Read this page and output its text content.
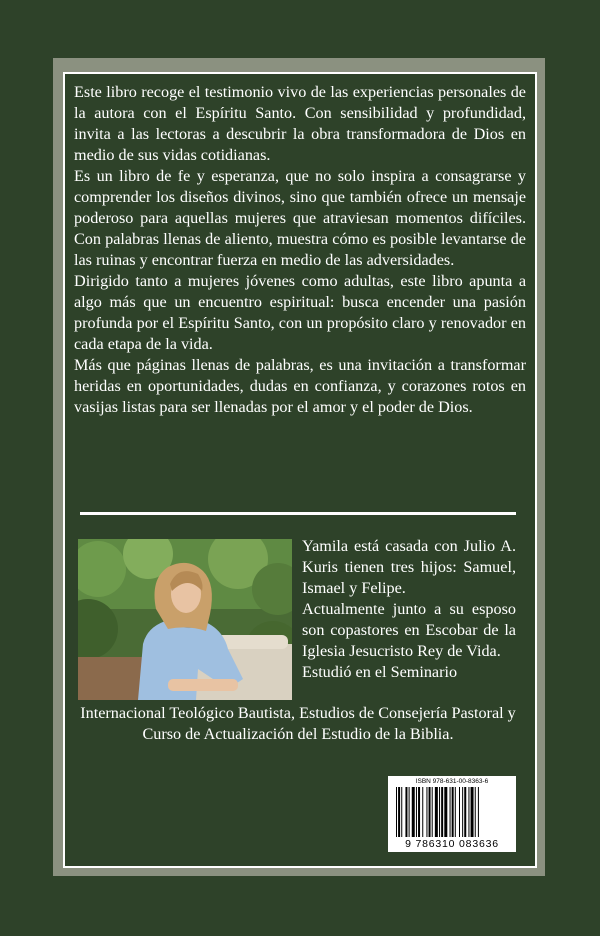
Este libro recoge el testimonio vivo de las experiencias personales de la autora con el Espíritu Santo. Con sensibilidad y profundidad, invita a las lectoras a descubrir la obra transformadora de Dios en medio de sus vidas cotidianas.

Es un libro de fe y esperanza, que no solo inspira a consagrarse y comprender los diseños divinos, sino que también ofrece un mensaje poderoso para aquellas mujeres que atraviesan momentos difíciles. Con palabras llenas de aliento, muestra cómo es posible levantarse de las ruinas y encontrar fuerza en medio de las adversidades.

Dirigido tanto a mujeres jóvenes como adultas, este libro apunta a algo más que un encuentro espiritual: busca encender una pasión profunda por el Espíritu Santo, con un propósito claro y renovador en cada etapa de la vida.

Más que páginas llenas de palabras, es una invitación a transformar heridas en oportunidades, dudas en confianza, y corazones rotos en vasijas listas para ser llenadas por el amor y el poder de Dios.

Yamila está casada con Julio A. Kuris tienen tres hijos: Samuel, Ismael y Felipe.

Actualmente junto a su esposo son copastores en Escobar de la Iglesia Jesucristo Rey de Vida.

Estudió en el Seminario

Internacional Teológico Bautista, Estudios de Consejería Pastoral y Curso de Actualización del Estudio de la Biblia.

ISBN 978-631-00-8363-6
9 786310 083636
